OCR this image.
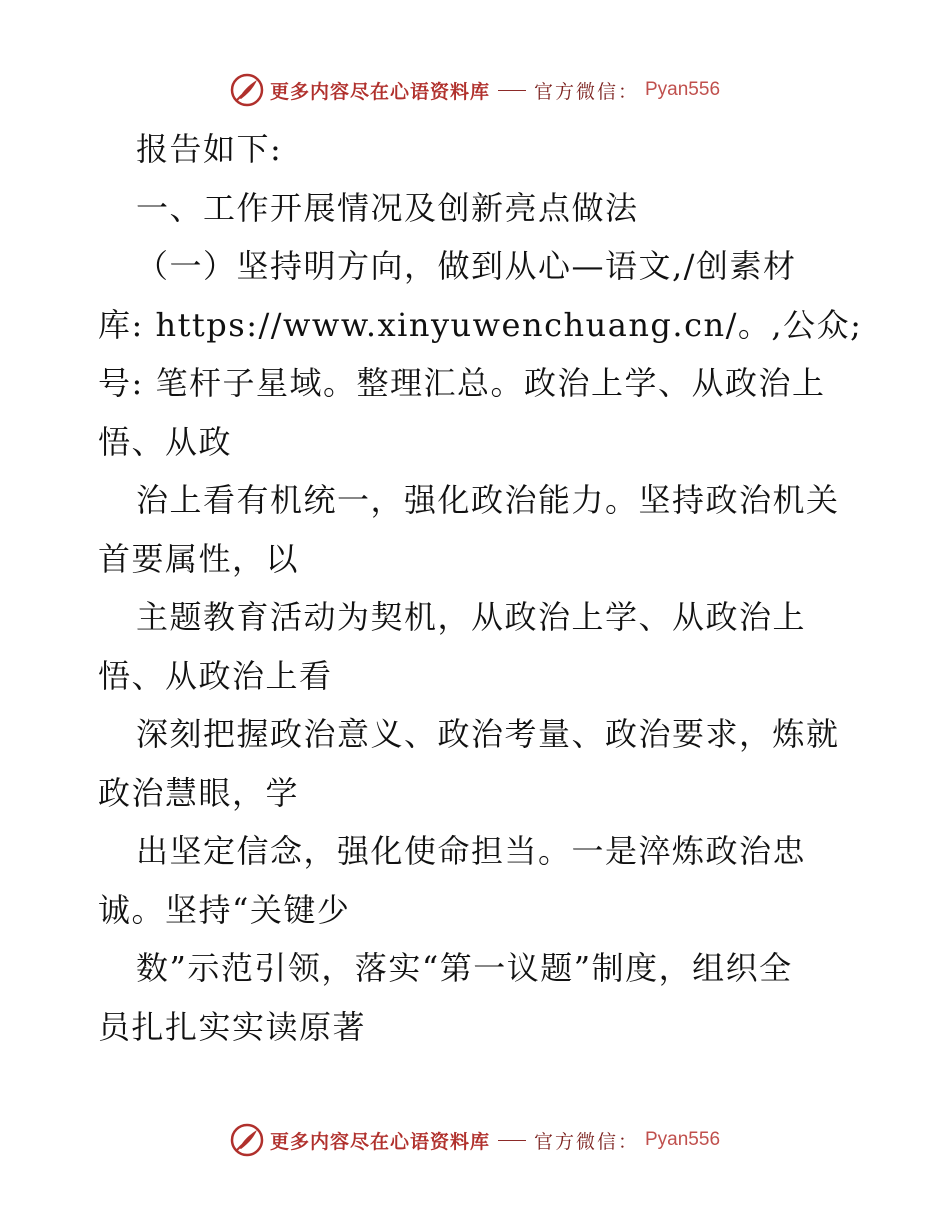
更多内容尽在心语资料库 官方微信： Pyan556
报告如下:
一、工作开展情况及创新亮点做法
（一）坚持明方向，做到从心—语文,/创素材
库: https://www.xinyuwenchuang.cn/。,公众;
号: 笔杆子星域。整理汇总。政治上学、从政治上
悟、从政
治上看有机统一，强化政治能力。坚持政治机关
首要属性，以
主题教育活动为契机，从政治上学、从政治上
悟、从政治上看
深刻把握政治意义、政治考量、政治要求，炼就
政治慧眼，学
出坚定信念，强化使命担当。一是淬炼政治忠
诚。坚持“关键少
数”示范引领，落实“第一议题”制度，组织全
员扎扎实实读原著
更多内容尽在心语资料库 官方微信： Pyan556
